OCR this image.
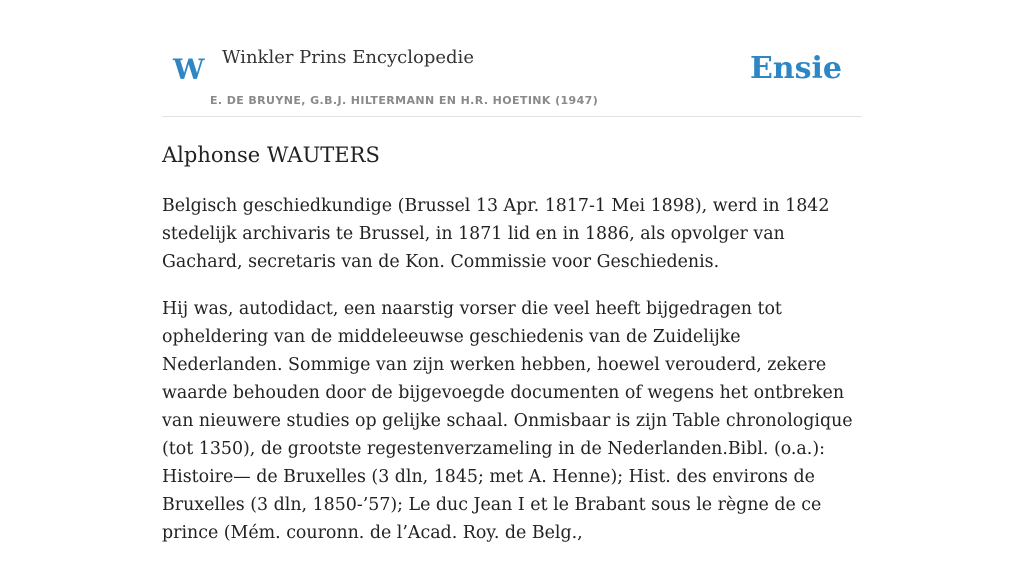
W Winkler Prins Encyclopedie
E. DE BRUYNE, G.B.J. HILTERMANN EN H.R. HOETINK (1947)
Ensie
Alphonse WAUTERS

Belgisch geschiedkundige (Brussel 13 Apr. 1817-1 Mei 1898), werd in 1842 stedelijk archivaris te Brussel, in 1871 lid en in 1886, als opvolger van Gachard, secretaris van de Kon. Commissie voor Geschiedenis.

Hij was, autodidact, een naarstig vorser die veel heeft bijgedragen tot opheldering van de middeleeuwse geschiedenis van de Zuidelijke Nederlanden. Sommige van zijn werken hebben, hoewel verouderd, zekere waarde behouden door de bijgevoegde documenten of wegens het ontbreken van nieuwere studies op gelijke schaal. Onmisbaar is zijn Table chronologique (tot 1350), de grootste regestenverzameling in de Nederlanden.Bibl. (o.a.): Histoire— de Bruxelles (3 dln, 1845; met A. Henne); Hist. des environs de Bruxelles (3 dln, 1850-’57); Le duc Jean I et le Brabant sous le règne de ce prince (Mém. couronn. de l’Acad. Roy. de Belg.,
